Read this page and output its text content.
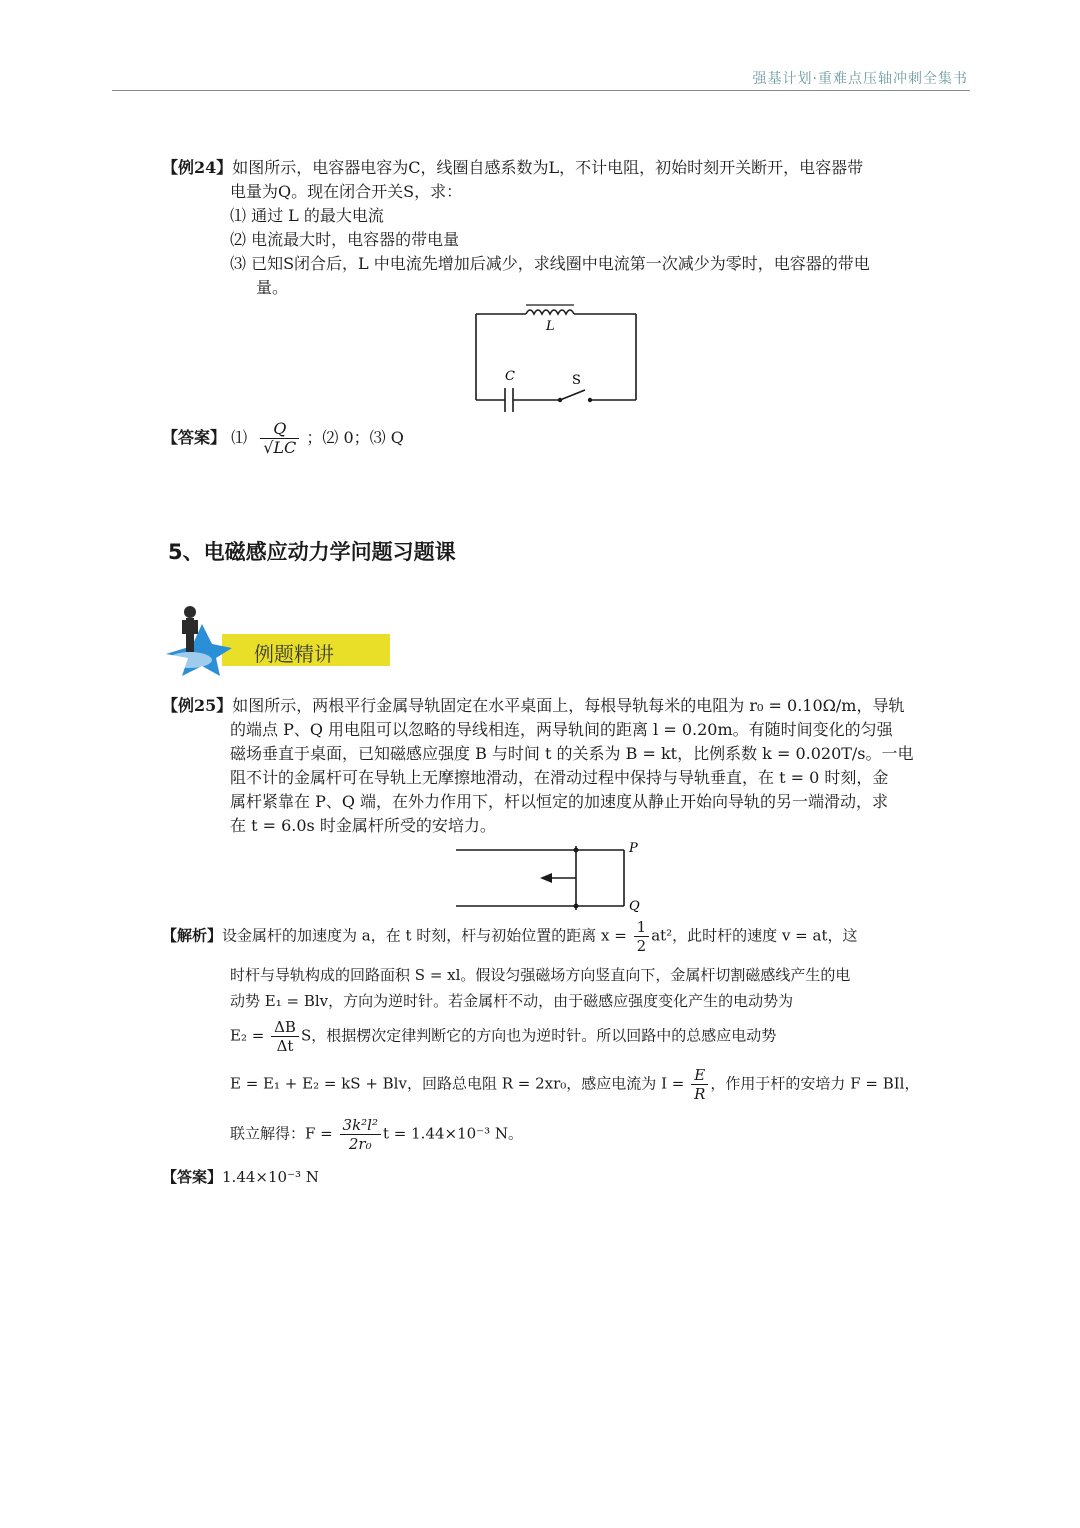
强基计划·重难点压轴冲刺全集书
【例24】如图所示，电容器电容为C，线圈自感系数为L，不计电阻，初始时刻开关断开，电容器带
电量为Q。现在闭合开关S，求：
⑴ 通过 L 的最大电流
⑵ 电流最大时，电容器的带电量
⑶ 已知S闭合后，L 中电流先增加后减少，求线圈中电流第一次减少为零时，电容器的带电
量。
L
C	S
【答案】 ⑴ $\frac{Q}{√LC}$ ；⑵ 0；⑶ Q
5、电磁感应动力学问题习题课
例题精讲
【例25】如图所示，两根平行金属导轨固定在水平桌面上，每根导轨每米的电阻为 r₀ = 0.10Ω/m，导轨
的端点 P、Q 用电阻可以忽略的导线相连，两导轨间的距离 l = 0.20m。有随时间变化的匀强
磁场垂直于桌面，已知磁感应强度 B 与时间 t 的关系为 B = kt，比例系数 k = 0.020T/s。一电
阻不计的金属杆可在导轨上无摩擦地滑动，在滑动过程中保持与导轨垂直，在 t = 0 时刻，金
属杆紧靠在 P、Q 端，在外力作用下，杆以恒定的加速度从静止开始向导轨的另一端滑动，求
在 t = 6.0s 时金属杆所受的安培力。
P
Q
【解析】设金属杆的加速度为 a，在 t 时刻，杆与初始位置的距离 $x = \frac{1}{2} at^2$，此时杆的速度 v = at，这
时杆与导轨构成的回路面积 S = xl。假设匀强磁场方向竖直向下，金属杆切割磁感线产生的电
动势 E₁ = Blv，方向为逆时针。若金属杆不动，由于磁感应强度变化产生的电动势为
$E_2 = \frac{\Delta B}{\Delta t}$ S，根据楞次定律判断它的方向也为逆时针。所以回路中的总感应电动势
E = E₁ + E₂ = kS + Blv，回路总电阻 R = 2xr₀，感应电流为 $I = \frac{E}{R}$ ，作用于杆的安培力 F = BIl，
联立解得：$F = \frac{\text{3k²l²}}{\text{2r₀}}$ t = 1.44×10⁻³ N。
【答案】1.44×10⁻³ N
